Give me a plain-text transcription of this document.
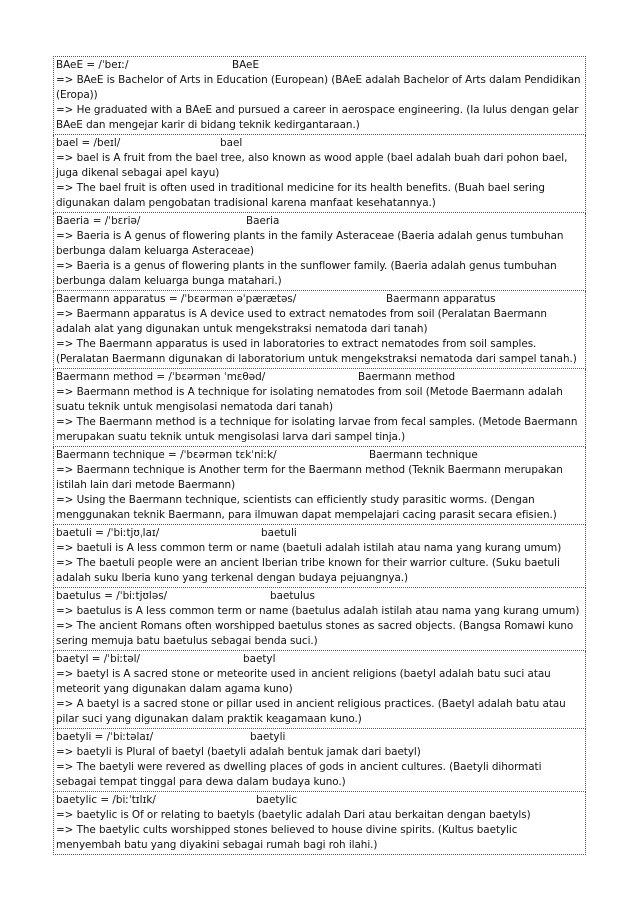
BAeE = /ˈbeɪː/	BAeE
=> BAeE is Bachelor of Arts in Education (European) (BAeE adalah Bachelor of Arts dalam Pendidikan (Eropa))
=> He graduated with a BAeE and pursued a career in aerospace engineering. (Ia lulus dengan gelar BAeE dan mengejar karir di bidang teknik kedirgantaraan.)
bael = /beɪl/	bael
=> bael is A fruit from the bael tree, also known as wood apple (bael adalah buah dari pohon bael, juga dikenal sebagai apel kayu)
=> The bael fruit is often used in traditional medicine for its health benefits. (Buah bael sering digunakan dalam pengobatan tradisional karena manfaat kesehatannya.)
Baeria = /ˈbɛriə/	Baeria
=> Baeria is A genus of flowering plants in the family Asteraceae (Baeria adalah genus tumbuhan berbunga dalam keluarga Asteraceae)
=> Baeria is a genus of flowering plants in the sunflower family. (Baeria adalah genus tumbuhan berbunga dalam keluarga bunga matahari.)
Baermann apparatus = /ˈbɛərmən əˈpærætəs/	Baermann apparatus
=> Baermann apparatus is A device used to extract nematodes from soil (Peralatan Baermann adalah alat yang digunakan untuk mengekstraksi nematoda dari tanah)
=> The Baermann apparatus is used in laboratories to extract nematodes from soil samples. (Peralatan Baermann digunakan di laboratorium untuk mengekstraksi nematoda dari sampel tanah.)
Baermann method = /ˈbɛərmən ˈmɛθəd/	Baermann method
=> Baermann method is A technique for isolating nematodes from soil (Metode Baermann adalah suatu teknik untuk mengisolasi nematoda dari tanah)
=> The Baermann method is a technique for isolating larvae from fecal samples. (Metode Baermann merupakan suatu teknik untuk mengisolasi larva dari sampel tinja.)
Baermann technique = /ˈbɛərmən tɛkˈniːk/	Baermann technique
=> Baermann technique is Another term for the Baermann method (Teknik Baermann merupakan istilah lain dari metode Baermann)
=> Using the Baermann technique, scientists can efficiently study parasitic worms. (Dengan menggunakan teknik Baermann, para ilmuwan dapat mempelajari cacing parasit secara efisien.)
baetuli = /ˈbiːtjʊˌlaɪ/	baetuli
=> baetuli is A less common term or name (baetuli adalah istilah atau nama yang kurang umum)
=> The baetuli people were an ancient Iberian tribe known for their warrior culture. (Suku baetuli adalah suku Iberia kuno yang terkenal dengan budaya pejuangnya.)
baetulus = /ˈbiːtjʊləs/	baetulus
=> baetulus is A less common term or name (baetulus adalah istilah atau nama yang kurang umum)
=> The ancient Romans often worshipped baetulus stones as sacred objects. (Bangsa Romawi kuno sering memuja batu baetulus sebagai benda suci.)
baetyl = /ˈbiːtəl/	baetyl
=> baetyl is A sacred stone or meteorite used in ancient religions (baetyl adalah batu suci atau meteorit yang digunakan dalam agama kuno)
=> A baetyl is a sacred stone or pillar used in ancient religious practices. (Baetyl adalah batu atau pilar suci yang digunakan dalam praktik keagamaan kuno.)
baetyli = /ˈbiːtəlaɪ/	baetyli
=> baetyli is Plural of baetyl (baetyli adalah bentuk jamak dari baetyl)
=> The baetyli were revered as dwelling places of gods in ancient cultures. (Baetyli dihormati sebagai tempat tinggal para dewa dalam budaya kuno.)
baetylic = /biːˈtɪlɪk/	baetylic
=> baetylic is Of or relating to baetyls (baetylic adalah Dari atau berkaitan dengan baetyls)
=> The baetylic cults worshipped stones believed to house divine spirits. (Kultus baetylic menyembah batu yang diyakini sebagai rumah bagi roh ilahi.)
